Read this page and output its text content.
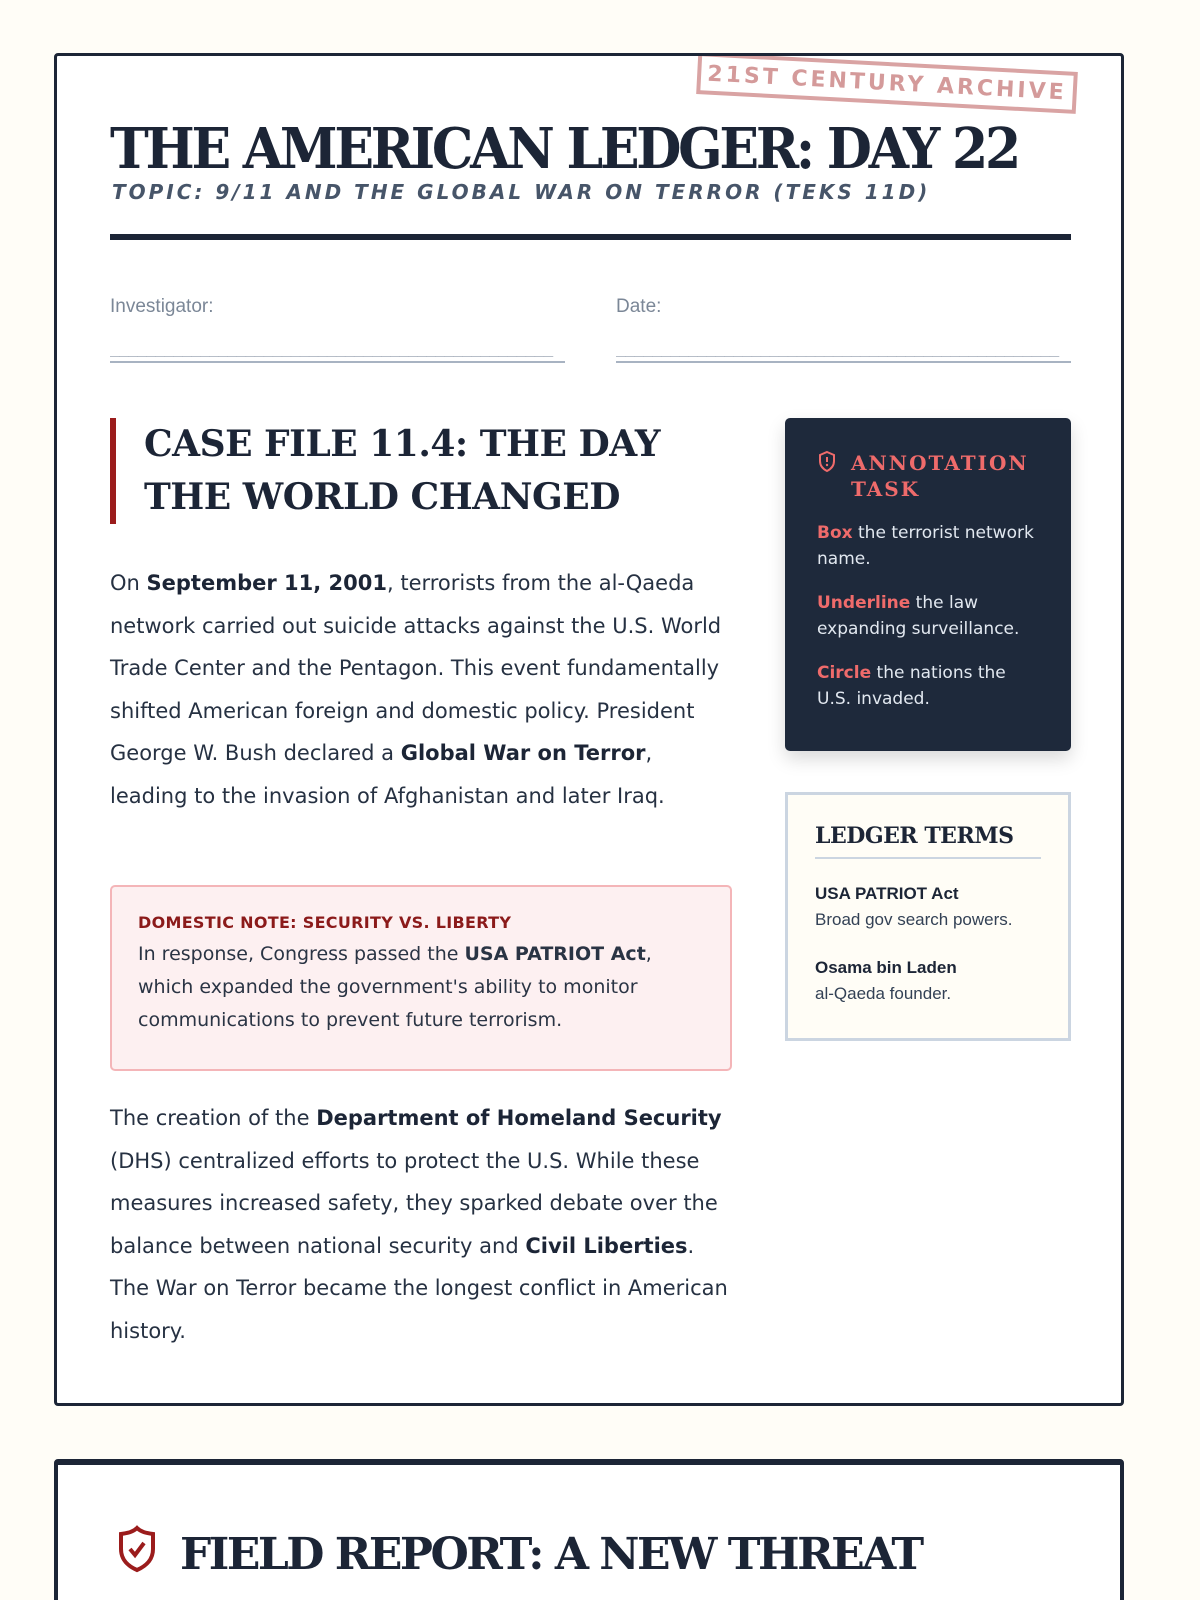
21ST CENTURY ARCHIVE
THE AMERICAN LEDGER: DAY 22
TOPIC: 9/11 AND THE GLOBAL WAR ON TERROR (TEKS 11D)
Investigator:
_________________________________________________
Date:
_________________________________________________
CASE FILE 11.4: THE DAY THE WORLD CHANGED

On September 11, 2001, terrorists from the al-Qaeda network carried out suicide attacks against the U.S. World Trade Center and the Pentagon. This event fundamentally shifted American foreign and domestic policy. President George W. Bush declared a Global War on Terror, leading to the invasion of Afghanistan and later Iraq.

DOMESTIC NOTE: SECURITY VS. LIBERTY

In response, Congress passed the USA PATRIOT Act, which expanded the government's ability to monitor communications to prevent future terrorism.

The creation of the Department of Homeland Security (DHS) centralized efforts to protect the U.S. While these measures increased safety, they sparked debate over the balance between national security and Civil Liberties. The War on Terror became the longest conflict in American history.

ANNOTATION TASK

Box the terrorist network name.

Underline the law expanding surveillance.

Circle the nations the U.S. invaded.

LEDGER TERMS
USA PATRIOT Act
Broad gov search powers.
Osama bin Laden
al-Qaeda founder.
FIELD REPORT: A NEW THREAT
